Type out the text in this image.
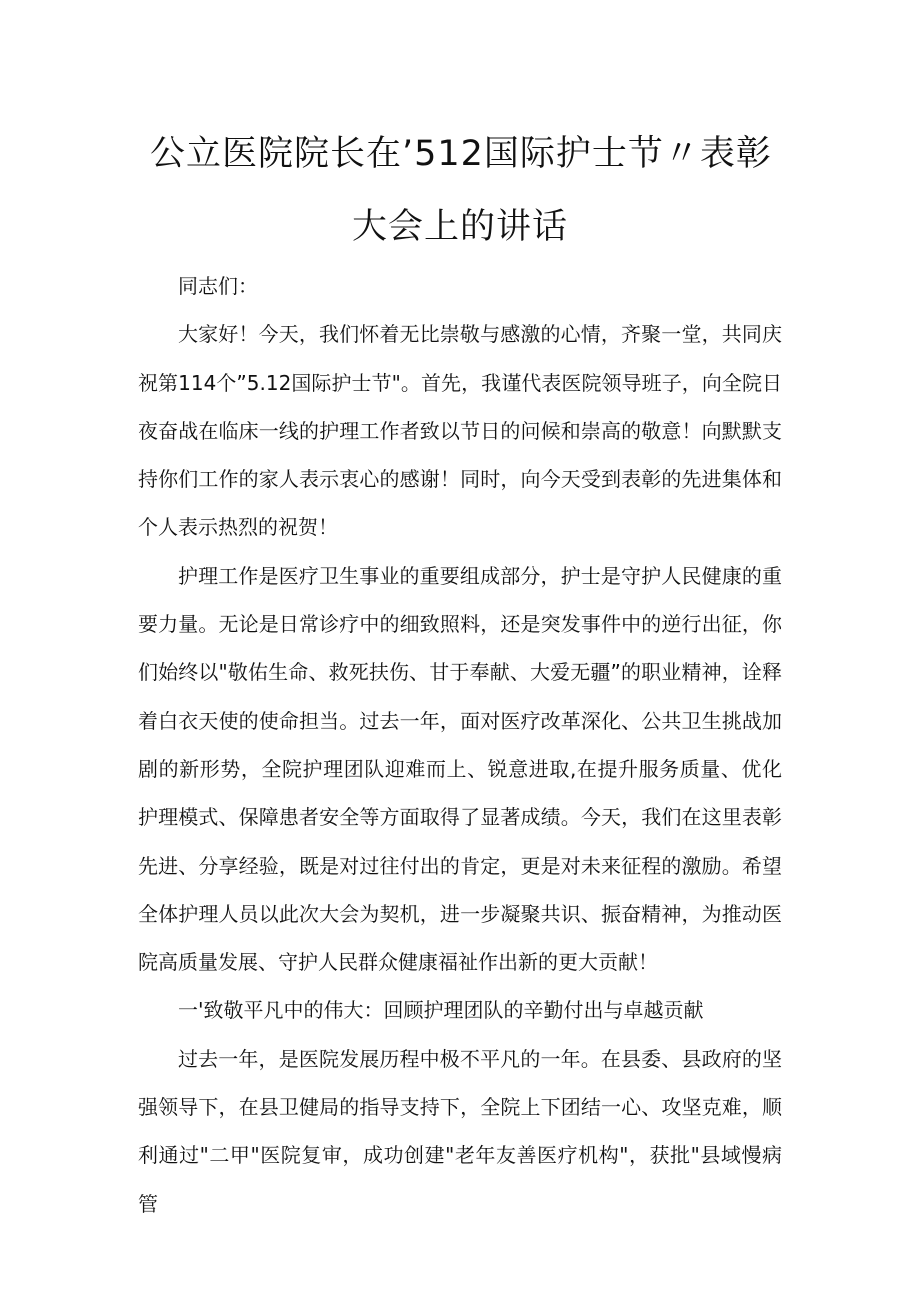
公立医院院长在’512国际护士节〃表彰
大会上的讲话

同志们：

大家好！今天，我们怀着无比崇敬与感激的心情，齐聚一堂，共同庆祝第114个”5.12国际护士节"。首先，我谨代表医院领导班子，向全院日夜奋战在临床一线的护理工作者致以节日的问候和崇高的敬意！向默默支持你们工作的家人表示衷心的感谢！同时，向今天受到表彰的先进集体和个人表示热烈的祝贺！

护理工作是医疗卫生事业的重要组成部分，护士是守护人民健康的重要力量。无论是日常诊疗中的细致照料，还是突发事件中的逆行出征，你们始终以"敬佑生命、救死扶伤、甘于奉献、大爱无疆”的职业精神，诠释着白衣天使的使命担当。过去一年，面对医疗改革深化、公共卫生挑战加剧的新形势，全院护理团队迎难而上、锐意进取,在提升服务质量、优化护理模式、保障患者安全等方面取得了显著成绩。今天，我们在这里表彰先进、分享经验，既是对过往付出的肯定，更是对未来征程的激励。希望全体护理人员以此次大会为契机，进一步凝聚共识、振奋精神，为推动医院高质量发展、守护人民群众健康福祉作出新的更大贡献！

一'致敬平凡中的伟大：回顾护理团队的辛勤付出与卓越贡献

过去一年，是医院发展历程中极不平凡的一年。在县委、县政府的坚强领导下，在县卫健局的指导支持下，全院上下团结一心、攻坚克难，顺利通过"二甲"医院复审，成功创建"老年友善医疗机构"，获批"县域慢病管
